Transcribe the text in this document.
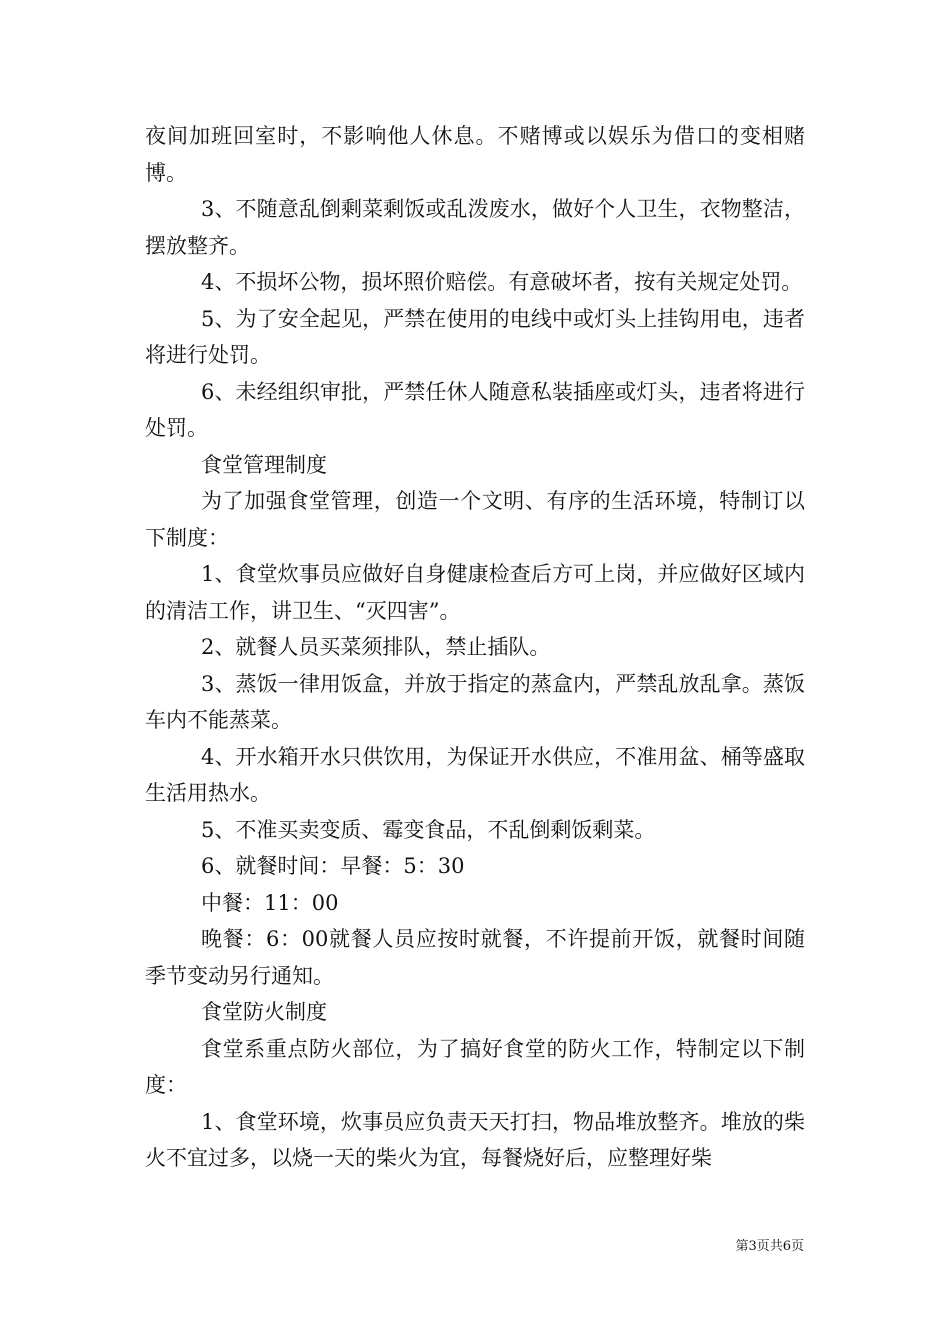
夜间加班回室时，不影响他人休息。不赌博或以娱乐为借口的变相赌博。

3、不随意乱倒剩菜剩饭或乱泼废水，做好个人卫生，衣物整洁，摆放整齐。

4、不损坏公物，损坏照价赔偿。有意破坏者，按有关规定处罚。

5、为了安全起见，严禁在使用的电线中或灯头上挂钩用电，违者将进行处罚。

6、未经组织审批，严禁任休人随意私装插座或灯头，违者将进行处罚。

食堂管理制度

为了加强食堂管理，创造一个文明、有序的生活环境，特制订以下制度：

1、食堂炊事员应做好自身健康检查后方可上岗，并应做好区域内的清洁工作，讲卫生、“灭四害”。

2、就餐人员买菜须排队，禁止插队。

3、蒸饭一律用饭盒，并放于指定的蒸盒内，严禁乱放乱拿。蒸饭车内不能蒸菜。

4、开水箱开水只供饮用，为保证开水供应，不准用盆、桶等盛取生活用热水。

5、不准买卖变质、霉变食品，不乱倒剩饭剩菜。

6、就餐时间：早餐：5：30

中餐：11：00

晚餐：6：00就餐人员应按时就餐，不许提前开饭，就餐时间随季节变动另行通知。

食堂防火制度

食堂系重点防火部位，为了搞好食堂的防火工作，特制定以下制度：

1、食堂环境，炊事员应负责天天打扫，物品堆放整齐。堆放的柴火不宜过多，以烧一天的柴火为宜，每餐烧好后，应整理好柴

第3页共6页
